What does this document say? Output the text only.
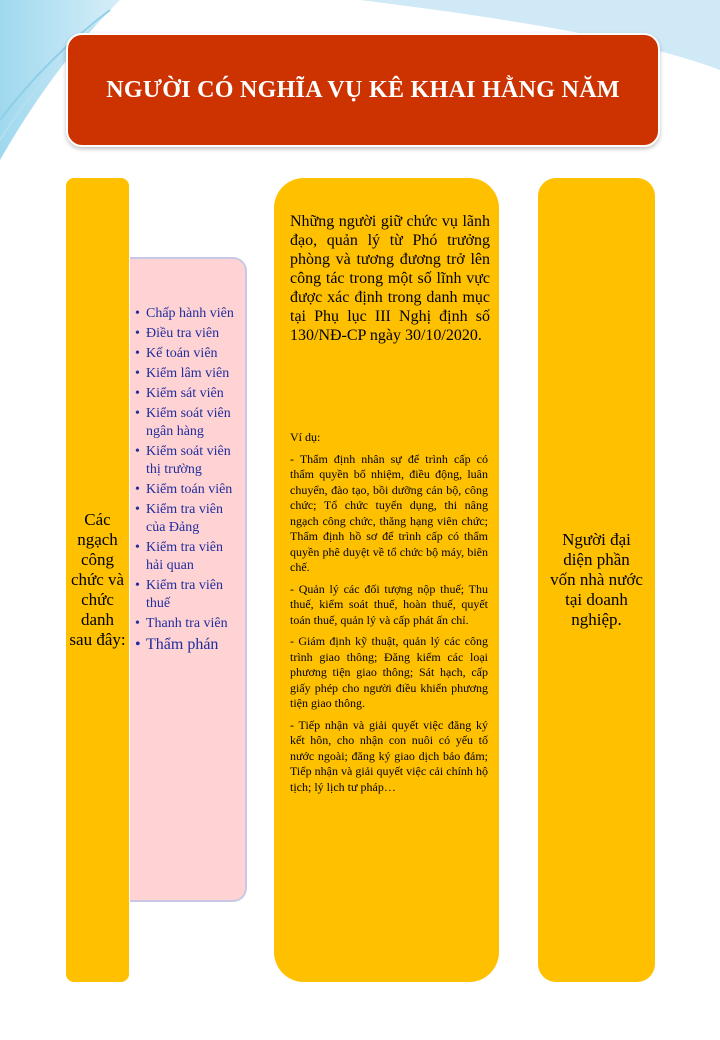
NGƯỜI CÓ NGHĨA VỤ KÊ KHAI HẰNG NĂM
Các ngạch công chức và chức danh sau đây:
• Chấp hành viên
• Điều tra viên
• Kế toán viên
• Kiểm lâm viên
• Kiểm sát viên
• Kiểm soát viên ngân hàng
• Kiểm soát viên thị trường
• Kiểm toán viên
• Kiểm tra viên của Đảng
• Kiểm tra viên hải quan
• Kiểm tra viên thuế
• Thanh tra viên
• Thẩm phán
Những người giữ chức vụ lãnh đạo, quản lý từ Phó trưởng phòng và tương đương trở lên công tác trong một số lĩnh vực được xác định trong danh mục tại Phụ lục III Nghị định số 130/NĐ-CP ngày 30/10/2020.

Ví dụ:

- Thẩm định nhân sự để trình cấp có thẩm quyền bổ nhiệm, điều động, luân chuyển, đào tạo, bồi dưỡng cán bộ, công chức; Tổ chức tuyển dụng, thi nâng ngạch công chức, thăng hạng viên chức; Thẩm định hồ sơ để trình cấp có thẩm quyền phê duyệt về tổ chức bộ máy, biên chế.

- Quản lý các đối tượng nộp thuế; Thu thuế, kiểm soát thuế, hoàn thuế, quyết toán thuế, quản lý và cấp phát ấn chỉ.

- Giám định kỹ thuật, quản lý các công trình giao thông; Đăng kiểm các loại phương tiện giao thông; Sát hạch, cấp giấy phép cho người điều khiển phương tiện giao thông.

- Tiếp nhận và giải quyết việc đăng ký kết hôn, cho nhận con nuôi có yếu tố nước ngoài; đăng ký giao dịch bảo đảm; Tiếp nhận và giải quyết việc cải chính hộ tịch; lý lịch tư pháp…

Người đại diện phần vốn nhà nước tại doanh nghiệp.
